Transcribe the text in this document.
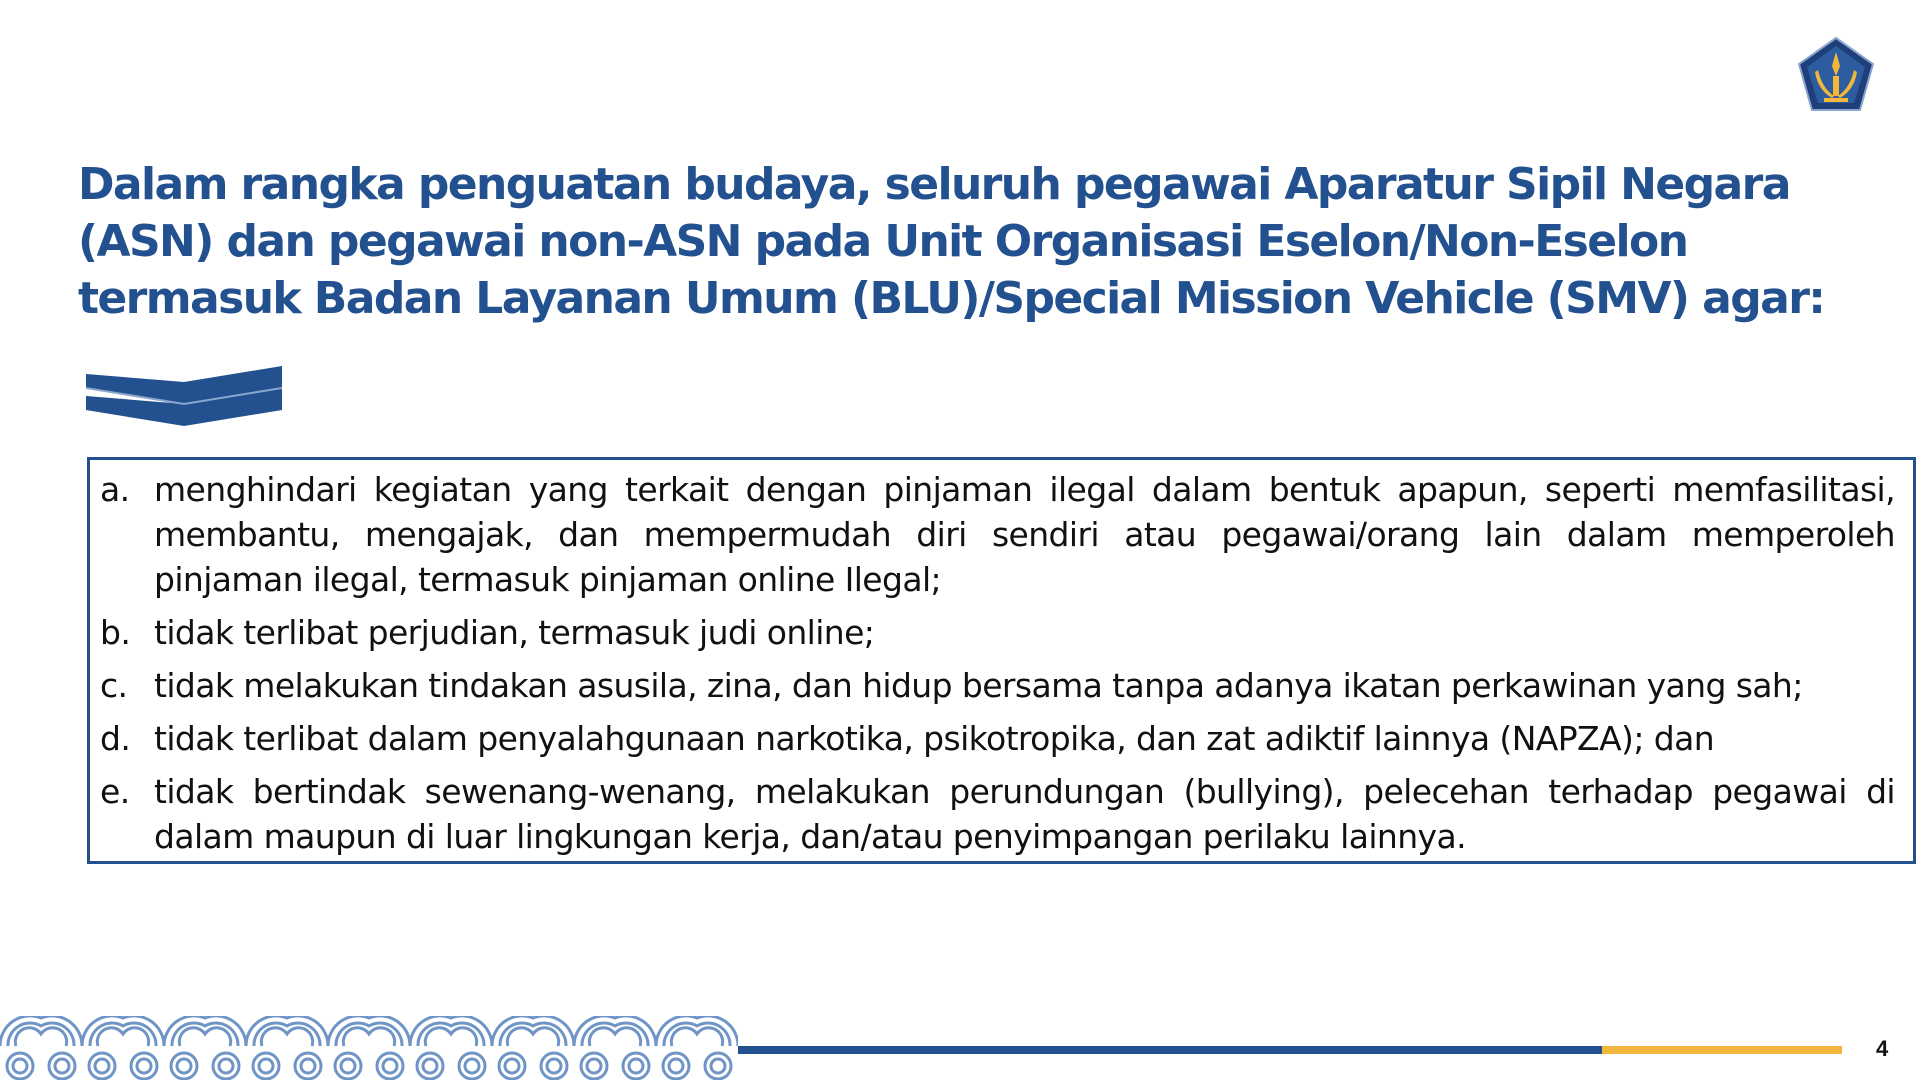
Dalam rangka penguatan budaya, seluruh pegawai Aparatur Sipil Negara
(ASN) dan pegawai non-ASN pada Unit Organisasi Eselon/Non-Eselon
termasuk Badan Layanan Umum (BLU)/Special Mission Vehicle (SMV) agar:
a. menghindari kegiatan yang terkait dengan pinjaman ilegal dalam bentuk apapun, seperti memfasilitasi,
membantu, mengajak, dan mempermudah diri sendiri atau pegawai/orang lain dalam memperoleh
pinjaman ilegal, termasuk pinjaman online Ilegal;
b. tidak terlibat perjudian, termasuk judi online;
c. tidak melakukan tindakan asusila, zina, dan hidup bersama tanpa adanya ikatan perkawinan yang sah;
d. tidak terlibat dalam penyalahgunaan narkotika, psikotropika, dan zat adiktif lainnya (NAPZA); dan
e. tidak bertindak sewenang-wenang, melakukan perundungan (bullying), pelecehan terhadap pegawai di
dalam maupun di luar lingkungan kerja, dan/atau penyimpangan perilaku lainnya.
4
